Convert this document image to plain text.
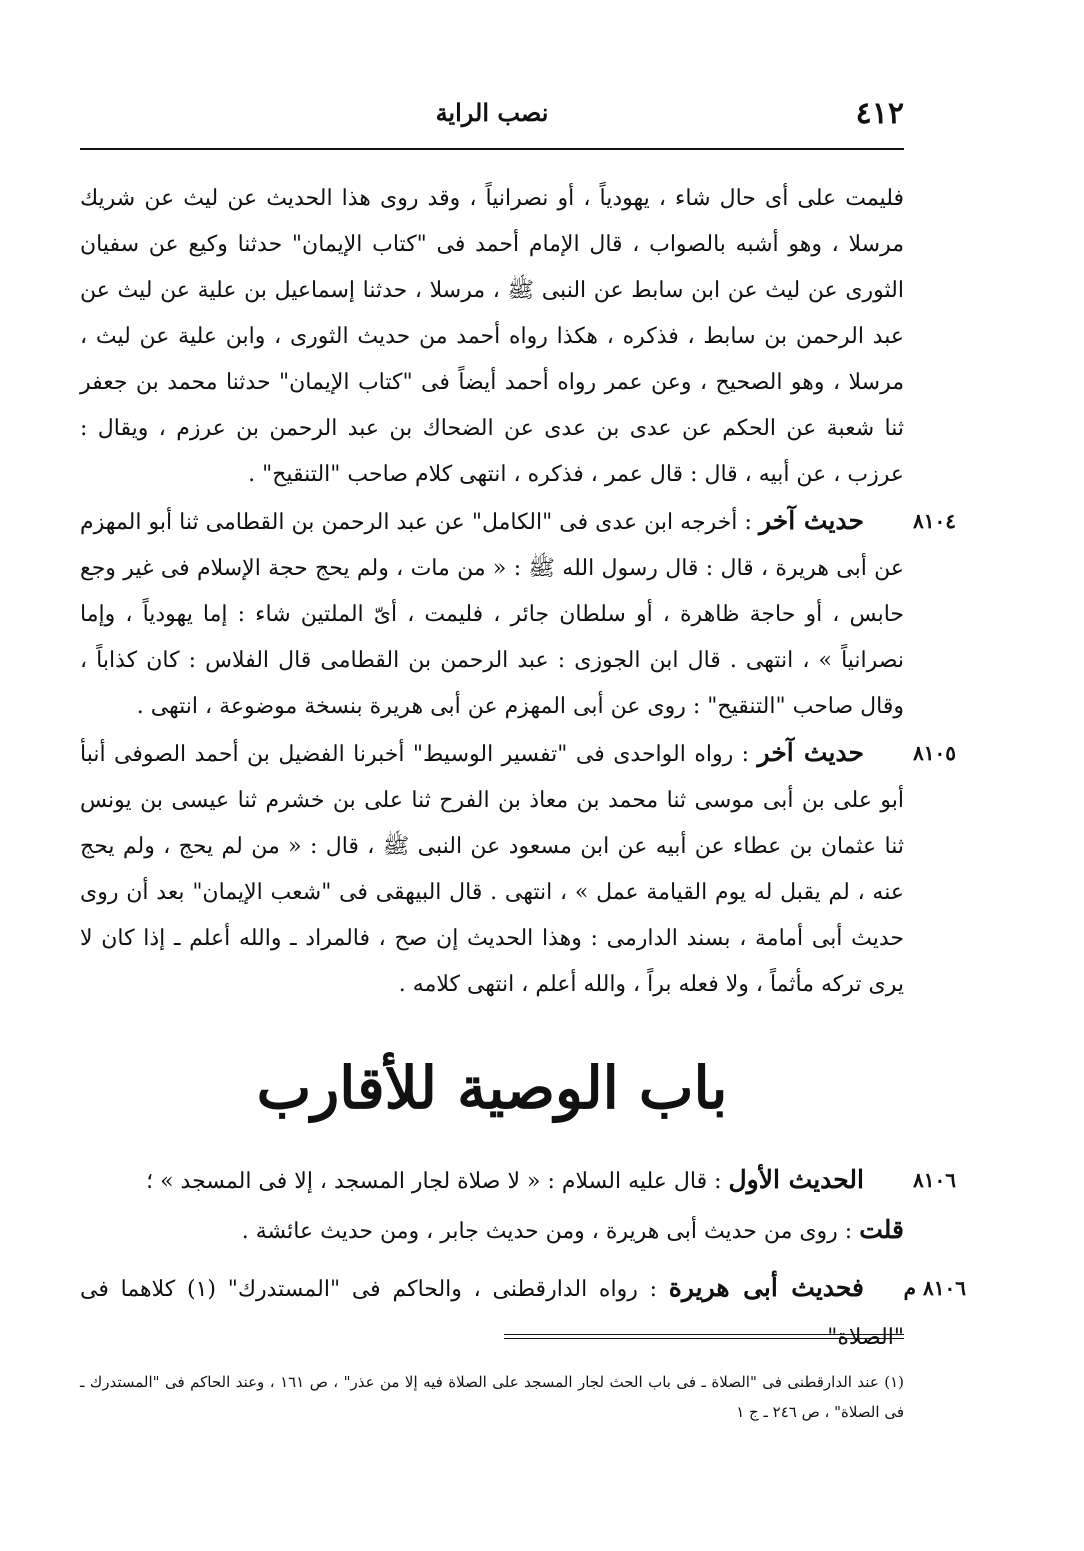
٤١٢
نصب الراية

فليمت على أى حال شاء ، يهودياً ، أو نصرانياً ، وقد روى هذا الحديث عن ليث عن شريك مرسلا ، وهو أشبه بالصواب ، قال الإمام أحمد فى "كتاب الإيمان" حدثنا وكيع عن سفيان الثورى عن ليث عن ابن سابط عن النبى ﷺ ، مرسلا ، حدثنا إسماعيل بن علية عن ليث عن عبد الرحمن بن سابط ، فذكره ، هكذا رواه أحمد من حديث الثورى ، وابن علية عن ليث ، مرسلا ، وهو الصحيح ، وعن عمر رواه أحمد أيضاً فى "كتاب الإيمان" حدثنا محمد بن جعفر ثنا شعبة عن الحكم عن عدى بن عدى عن الضحاك بن عبد الرحمن بن عرزم ، ويقال : عرزب ، عن أبيه ، قال : قال عمر ، فذكره ، انتهى كلام صاحب "التنقيح" .

٨١٠٤
حديث آخر : أخرجه ابن عدى فى "الكامل" عن عبد الرحمن بن القطامى ثنا أبو المهزم عن أبى هريرة ، قال : قال رسول الله ﷺ : « من مات ، ولم يحج حجة الإسلام فى غير وجع حابس ، أو حاجة ظاهرة ، أو سلطان جائر ، فليمت ، أىّ الملتين شاء : إما يهودياً ، وإما نصرانياً » ، انتهى . قال ابن الجوزى : عبد الرحمن بن القطامى قال الفلاس : كان كذاباً ، وقال صاحب "التنقيح" : روى عن أبى المهزم عن أبى هريرة بنسخة موضوعة ، انتهى .

٨١٠٥
حديث آخر : رواه الواحدى فى "تفسير الوسيط" أخبرنا الفضيل بن أحمد الصوفى أنبأ أبو على بن أبى موسى ثنا محمد بن معاذ بن الفرح ثنا على بن خشرم ثنا عيسى بن يونس ثنا عثمان بن عطاء عن أبيه عن ابن مسعود عن النبى ﷺ ، قال : « من لم يحج ، ولم يحج عنه ، لم يقبل له يوم القيامة عمل » ، انتهى . قال البيهقى فى "شعب الإيمان" بعد أن روى حديث أبى أمامة ، بسند الدارمى : وهذا الحديث إن صح ، فالمراد ـ والله أعلم ـ إذا كان لا يرى تركه مأثماً ، ولا فعله براً ، والله أعلم ، انتهى كلامه .

باب الوصية للأقارب

٨١٠٦
الحديث الأول : قال عليه السلام : « لا صلاة لجار المسجد ، إلا فى المسجد » ؛

قلت : روى من حديث أبى هريرة ، ومن حديث جابر ، ومن حديث عائشة .

٨١٠٦ م
فحديث أبى هريرة : رواه الدارقطنى ، والحاكم فى "المستدرك" (١) كلاهما فى "الصلاة"

(١) عند الدارقطنى فى "الصلاة ـ فى باب الحث لجار المسجد على الصلاة فيه إلا من عذر" ، ص ١٦١ ، وعند الحاكم فى "المستدرك ـ فى الصلاة" ، ص ٢٤٦ ـ ج ١
